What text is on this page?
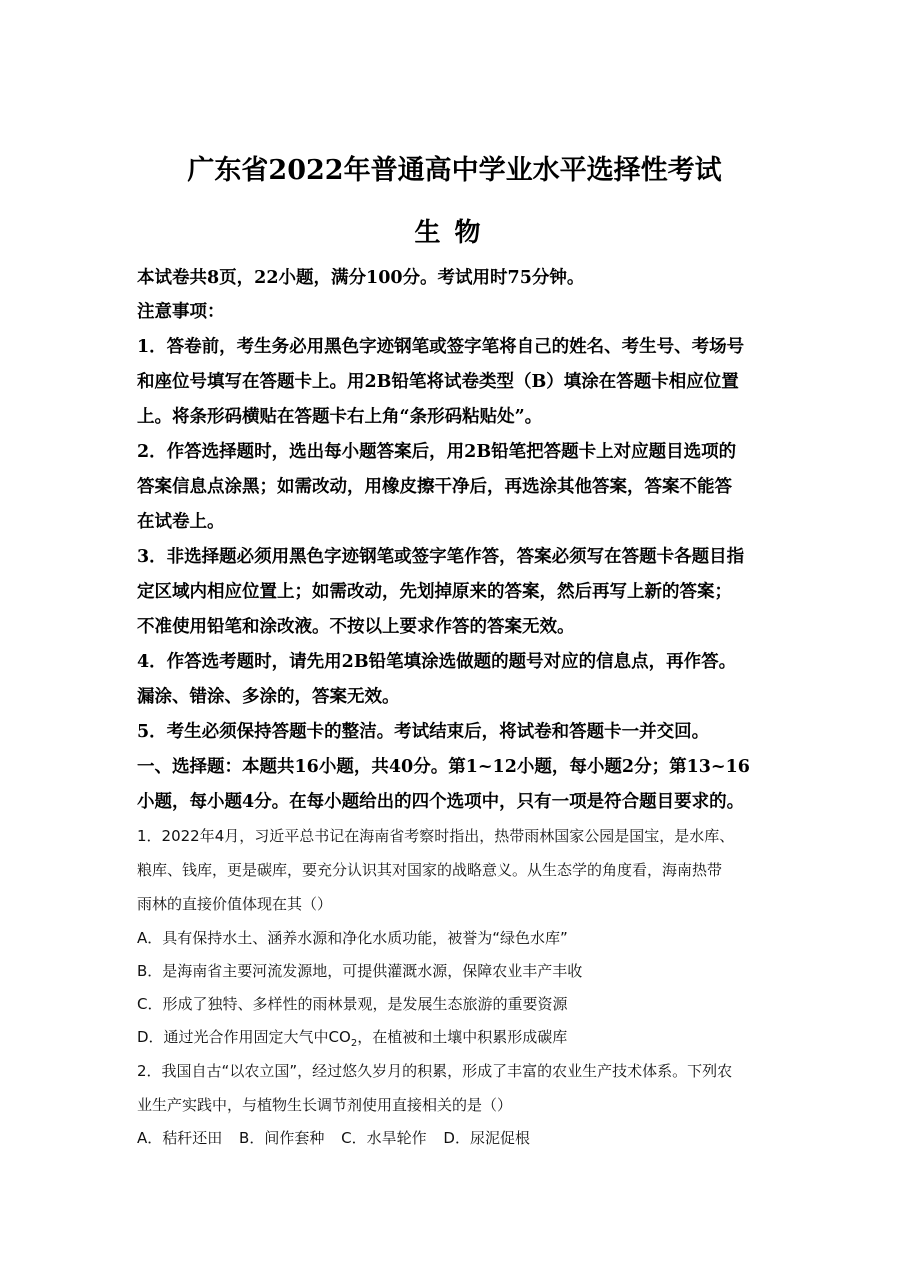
广东省2022年普通高中学业水平选择性考试
生物
本试卷共8页，22小题，满分100分。考试用时75分钟。
注意事项：
1．答卷前，考生务必用黑色字迹钢笔或签字笔将自己的姓名、考生号、考场号
和座位号填写在答题卡上。用2B铅笔将试卷类型（B）填涂在答题卡相应位置
上。将条形码横贴在答题卡右上角“条形码粘贴处”。
2．作答选择题时，选出每小题答案后，用2B铅笔把答题卡上对应题目选项的
答案信息点涂黑；如需改动，用橡皮擦干净后，再选涂其他答案，答案不能答
在试卷上。
3．非选择题必须用黑色字迹钢笔或签字笔作答，答案必须写在答题卡各题目指
定区域内相应位置上；如需改动，先划掉原来的答案，然后再写上新的答案；
不准使用铅笔和涂改液。不按以上要求作答的答案无效。
4．作答选考题时，请先用2B铅笔填涂选做题的题号对应的信息点，再作答。
漏涂、错涂、多涂的，答案无效。
5．考生必须保持答题卡的整洁。考试结束后，将试卷和答题卡一并交回。
一、选择题：本题共16小题，共40分。第1~12小题，每小题2分；第13~16
小题，每小题4分。在每小题给出的四个选项中，只有一项是符合题目要求的。
1．2022年4月，习近平总书记在海南省考察时指出，热带雨林国家公园是国宝，是水库、
粮库、钱库，更是碳库，要充分认识其对国家的战略意义。从生态学的角度看，海南热带
雨林的直接价值体现在其（）
A．具有保持水土、涵养水源和净化水质功能，被誉为“绿色水库”
B．是海南省主要河流发源地，可提供灌溉水源，保障农业丰产丰收
C．形成了独特、多样性的雨林景观，是发展生态旅游的重要资源
D．通过光合作用固定大气中$CO_2$，在植被和土壤中积累形成碳库
2．我国自古“以农立国”，经过悠久岁月的积累，形成了丰富的农业生产技术体系。下列农
业生产实践中，与植物生长调节剂使用直接相关的是（）
A．秸秆还田 B．间作套种 C．水旱轮作 D．尿泥促根
